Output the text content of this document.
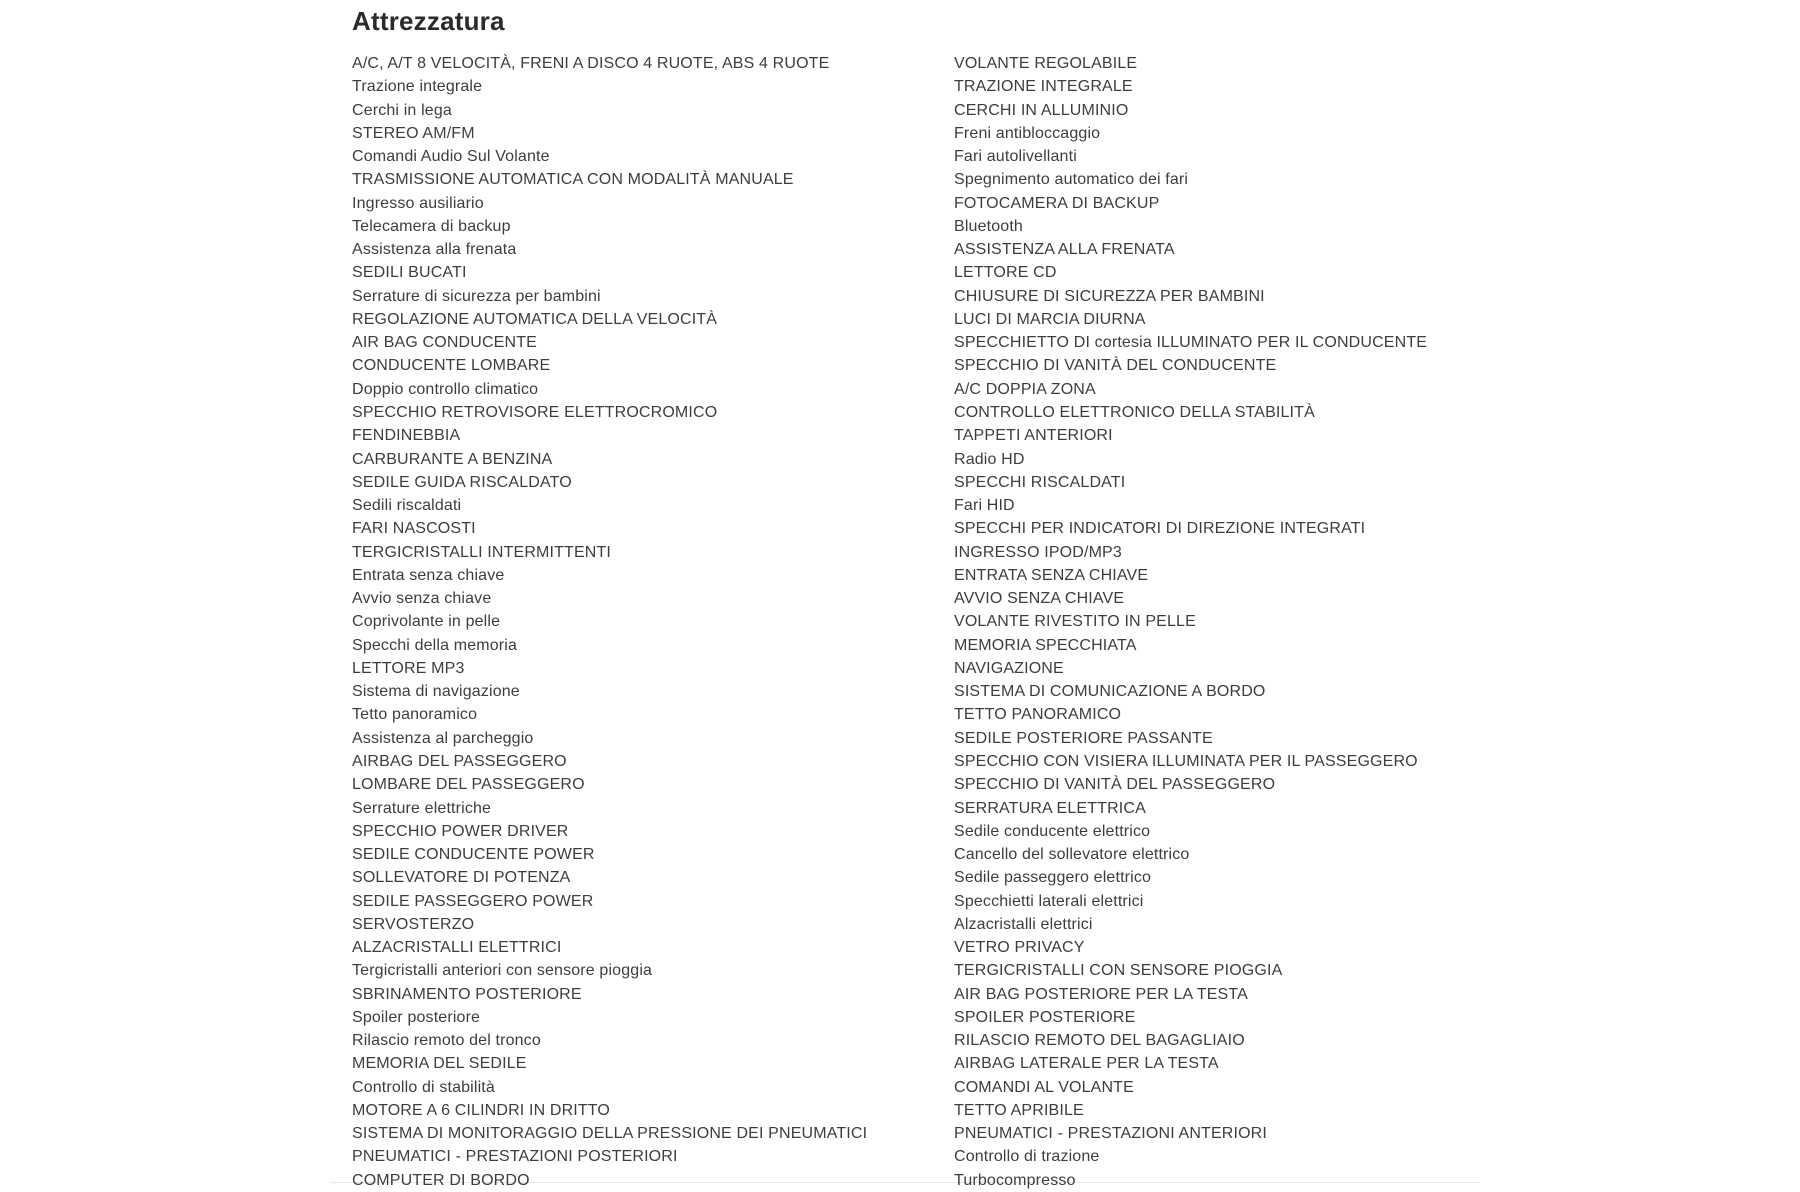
Attrezzatura
A/C, A/T 8 VELOCITÀ, FRENI A DISCO 4 RUOTE, ABS 4 RUOTE
Trazione integrale
Cerchi in lega
STEREO AM/FM
Comandi Audio Sul Volante
TRASMISSIONE AUTOMATICA CON MODALITÀ MANUALE
Ingresso ausiliario
Telecamera di backup
Assistenza alla frenata
SEDILI BUCATI
Serrature di sicurezza per bambini
REGOLAZIONE AUTOMATICA DELLA VELOCITÀ
AIR BAG CONDUCENTE
CONDUCENTE LOMBARE
Doppio controllo climatico
SPECCHIO RETROVISORE ELETTROCROMICO
FENDINEBBIA
CARBURANTE A BENZINA
SEDILE GUIDA RISCALDATO
Sedili riscaldati
FARI NASCOSTI
TERGICRISTALLI INTERMITTENTI
Entrata senza chiave
Avvio senza chiave
Coprivolante in pelle
Specchi della memoria
LETTORE MP3
Sistema di navigazione
Tetto panoramico
Assistenza al parcheggio
AIRBAG DEL PASSEGGERO
LOMBARE DEL PASSEGGERO
Serrature elettriche
SPECCHIO POWER DRIVER
SEDILE CONDUCENTE POWER
SOLLEVATORE DI POTENZA
SEDILE PASSEGGERO POWER
SERVOSTERZO
ALZACRISTALLI ELETTRICI
Tergicristalli anteriori con sensore pioggia
SBRINAMENTO POSTERIORE
Spoiler posteriore
Rilascio remoto del tronco
MEMORIA DEL SEDILE
Controllo di stabilità
MOTORE A 6 CILINDRI IN DRITTO
SISTEMA DI MONITORAGGIO DELLA PRESSIONE DEI PNEUMATICI
PNEUMATICI - PRESTAZIONI POSTERIORI
COMPUTER DI BORDO
VOLANTE REGOLABILE
TRAZIONE INTEGRALE
CERCHI IN ALLUMINIO
Freni antibloccaggio
Fari autolivellanti
Spegnimento automatico dei fari
FOTOCAMERA DI BACKUP
Bluetooth
ASSISTENZA ALLA FRENATA
LETTORE CD
CHIUSURE DI SICUREZZA PER BAMBINI
LUCI DI MARCIA DIURNA
SPECCHIETTO DI cortesia ILLUMINATO PER IL CONDUCENTE
SPECCHIO DI VANITÀ DEL CONDUCENTE
A/C DOPPIA ZONA
CONTROLLO ELETTRONICO DELLA STABILITÀ
TAPPETI ANTERIORI
Radio HD
SPECCHI RISCALDATI
Fari HID
SPECCHI PER INDICATORI DI DIREZIONE INTEGRATI
INGRESSO IPOD/MP3
ENTRATA SENZA CHIAVE
AVVIO SENZA CHIAVE
VOLANTE RIVESTITO IN PELLE
MEMORIA SPECCHIATA
NAVIGAZIONE
SISTEMA DI COMUNICAZIONE A BORDO
TETTO PANORAMICO
SEDILE POSTERIORE PASSANTE
SPECCHIO CON VISIERA ILLUMINATA PER IL PASSEGGERO
SPECCHIO DI VANITÀ DEL PASSEGGERO
SERRATURA ELETTRICA
Sedile conducente elettrico
Cancello del sollevatore elettrico
Sedile passeggero elettrico
Specchietti laterali elettrici
Alzacristalli elettrici
VETRO PRIVACY
TERGICRISTALLI CON SENSORE PIOGGIA
AIR BAG POSTERIORE PER LA TESTA
SPOILER POSTERIORE
RILASCIO REMOTO DEL BAGAGLIAIO
AIRBAG LATERALE PER LA TESTA
COMANDI AL VOLANTE
TETTO APRIBILE
PNEUMATICI - PRESTAZIONI ANTERIORI
Controllo di trazione
Turbocompresso
